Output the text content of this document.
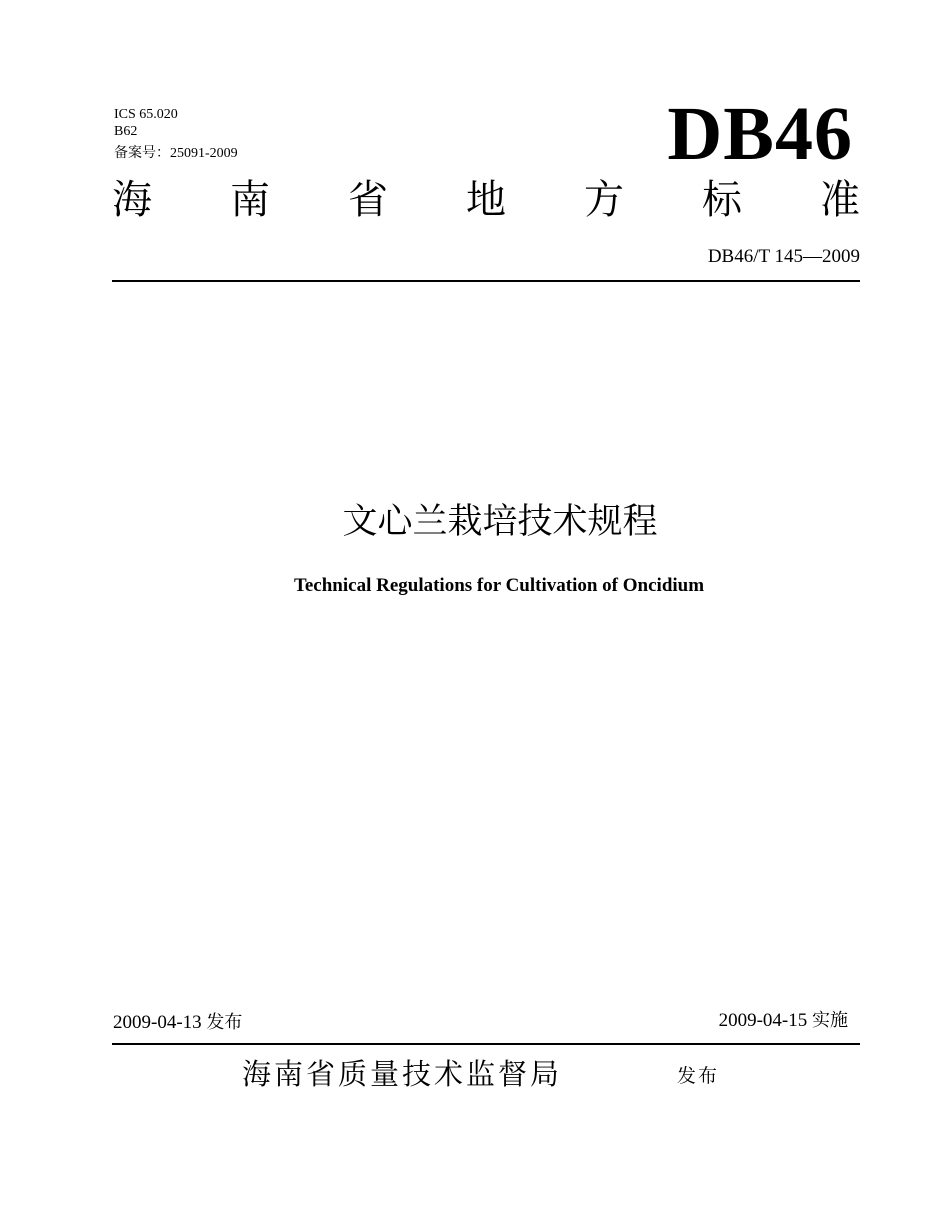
ICS 65.020
B62
备案号：25091-2009	DB46
海 南 省 地 方 标 准
DB46/T 145—2009
文心兰栽培技术规程
Technical Regulations for Cultivation of Oncidium
2009-04-13 发布	2009-04-15 实施
海南省质量技术监督局	发布
